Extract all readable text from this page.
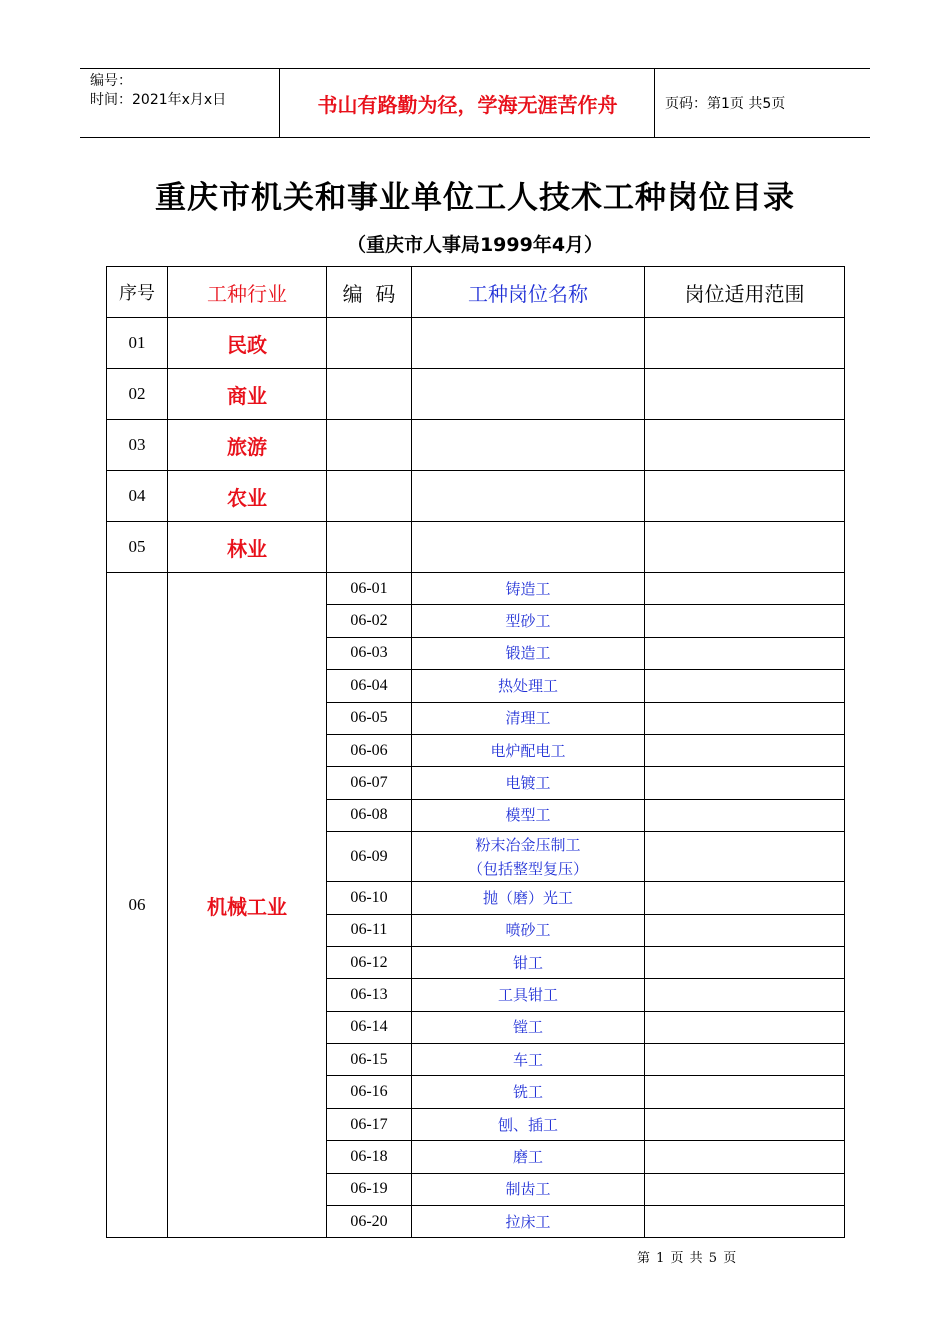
编号：
时间：2021年x月x日	书山有路勤为径，学海无涯苦作舟	页码：第1页 共5页
重庆市机关和事业单位工人技术工种岗位目录
（重庆市人事局1999年4月）
序号	工种行业	编  码	工种岗位名称	岗位适用范围
01	民政			
02	商业			
03	旅游			
04	农业			
05	林业			
06	机械工业	06-01	铸造工	
		06-02	型砂工	
		06-03	锻造工	
		06-04	热处理工	
		06-05	清理工	
		06-06	电炉配电工	
		06-07	电镀工	
		06-08	模型工	
		06-09	粉末冶金压制工
（包括整型复压）	

		06-10	抛（磨）光工	
		06-11	喷砂工	
		06-12	钳工	
		06-13	工具钳工	
		06-14	镗工	
		06-15	车工	
		06-16	铣工	
		06-17	刨、插工	
		06-18	磨工	
		06-19	制齿工	
		06-20	拉床工	
第 1 页 共 5 页
